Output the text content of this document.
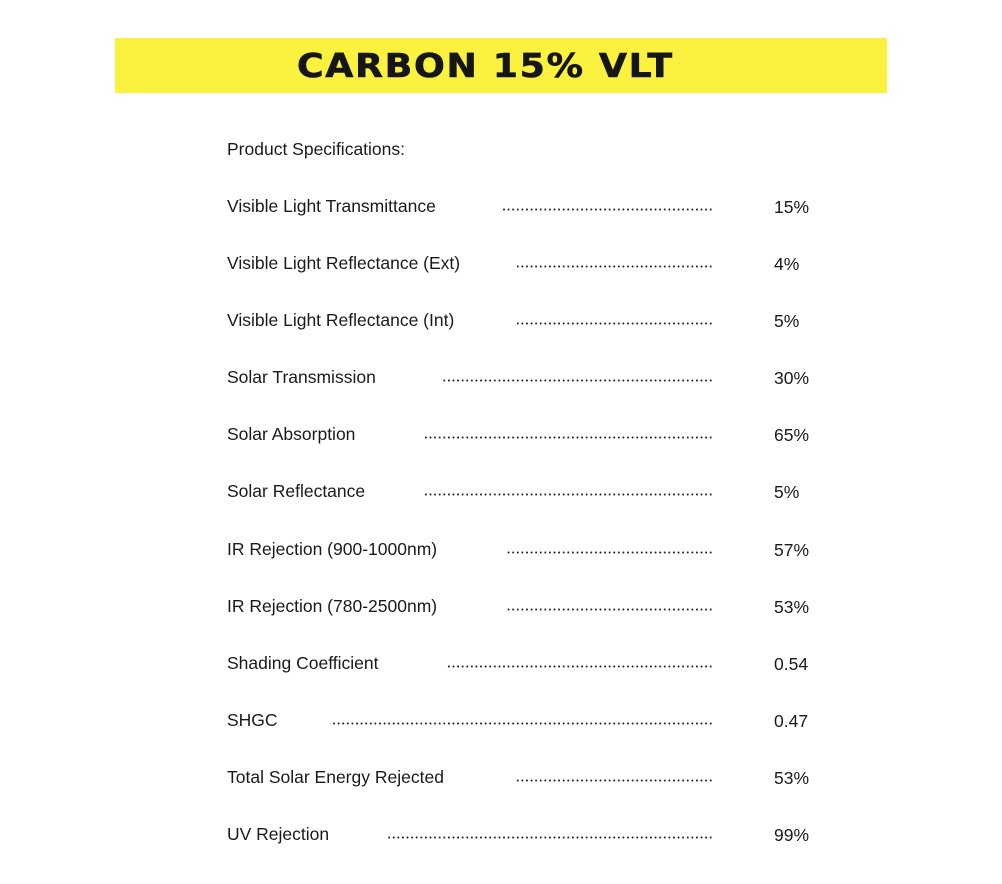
CARBON 15% VLT
Product Specifications:
Visible Light Transmittance	15%
Visible Light Reflectance (Ext)	4%
Visible Light Reflectance (Int)	5%
Solar Transmission	30%
Solar Absorption	65%
Solar Reflectance	5%
IR Rejection (900-1000nm)	57%
IR Rejection (780-2500nm)	53%
Shading Coefficient	0.54
SHGC	0.47
Total Solar Energy Rejected	53%
UV Rejection	99%
